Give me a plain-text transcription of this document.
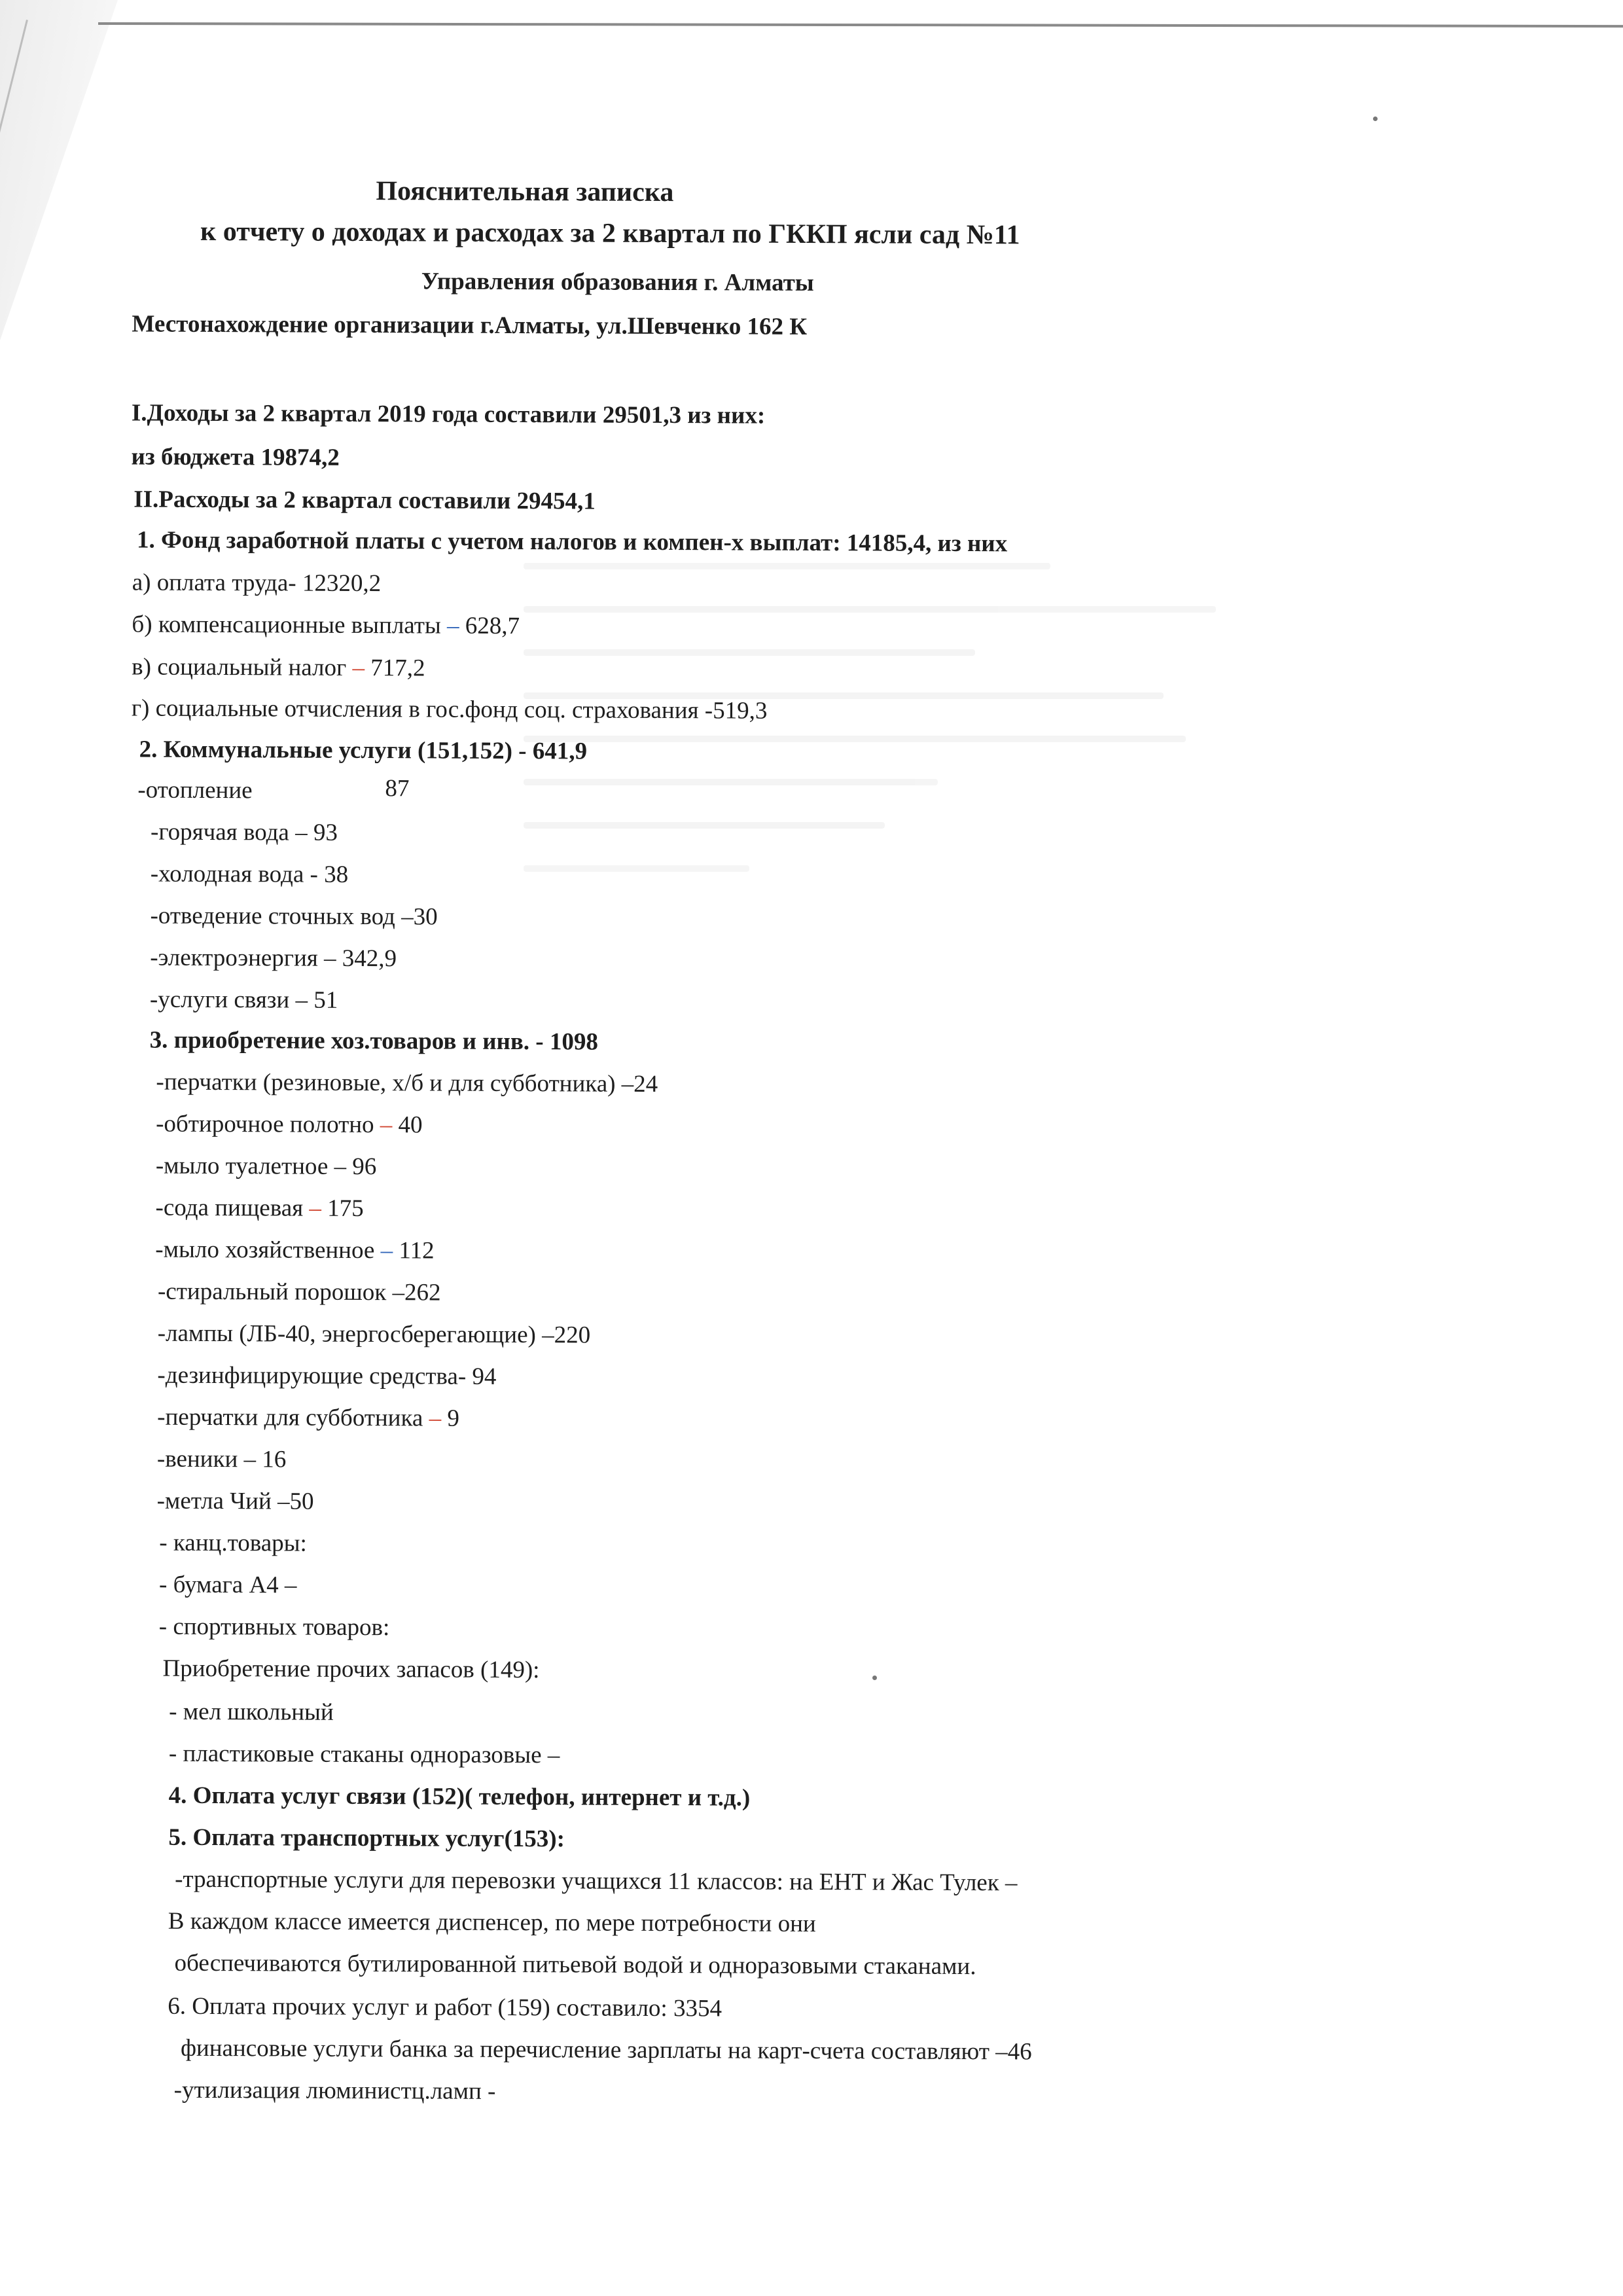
Пояснительная записка
к отчету о доходах и расходах за 2 квартал по ГККП ясли сад №11
Управления образования г. Алматы
Местонахождение организации г.Алматы, ул.Шевченко 162 К
I.Доходы за 2 квартал 2019 года составили 29501,3 из них:
из бюджета 19874,2
II.Расходы за 2 квартал составили 29454,1
1. Фонд заработной платы с учетом налогов и компен-х выплат: 14185,4, из них
а) оплата труда- 12320,2
б) компенсационные выплаты – 628,7
в) социальный налог – 717,2
г) социальные отчисления в гос.фонд соц. страхования -519,3
2. Коммунальные услуги (151,152) - 641,9
-отопление	87
-горячая вода – 93
-холодная вода - 38
-отведение сточных вод –30
-электроэнергия – 342,9
-услуги связи – 51
3. приобретение хоз.товаров и инв. - 1098
-перчатки (резиновые, х/б и для субботника) –24
-обтирочное полотно – 40
-мыло туалетное – 96
-сода пищевая – 175
-мыло хозяйственное – 112
-стиральный порошок –262
-лампы (ЛБ-40, энергосберегающие) –220
-дезинфицирующие средства- 94
-перчатки для субботника – 9
-веники – 16
-метла Чий –50
- канц.товары:
- бумага А4 –
- спортивных товаров:
Приобретение прочих запасов (149):
- мел школьный
- пластиковые стаканы одноразовые –
4. Оплата услуг связи (152)( телефон, интернет и т.д.)
5. Оплата транспортных услуг(153):
-транспортные услуги для перевозки учащихся 11 классов: на ЕНТ и Жас Тулек –
В каждом классе имеется диспенсер, по мере потребности они
обеспечиваются бутилированной питьевой водой и одноразовыми стаканами.
6. Оплата прочих услуг и работ (159) составило: 3354
финансовые услуги банка за перечисление зарплаты на карт-счета составляют –46
-утилизация люминистц.ламп -
